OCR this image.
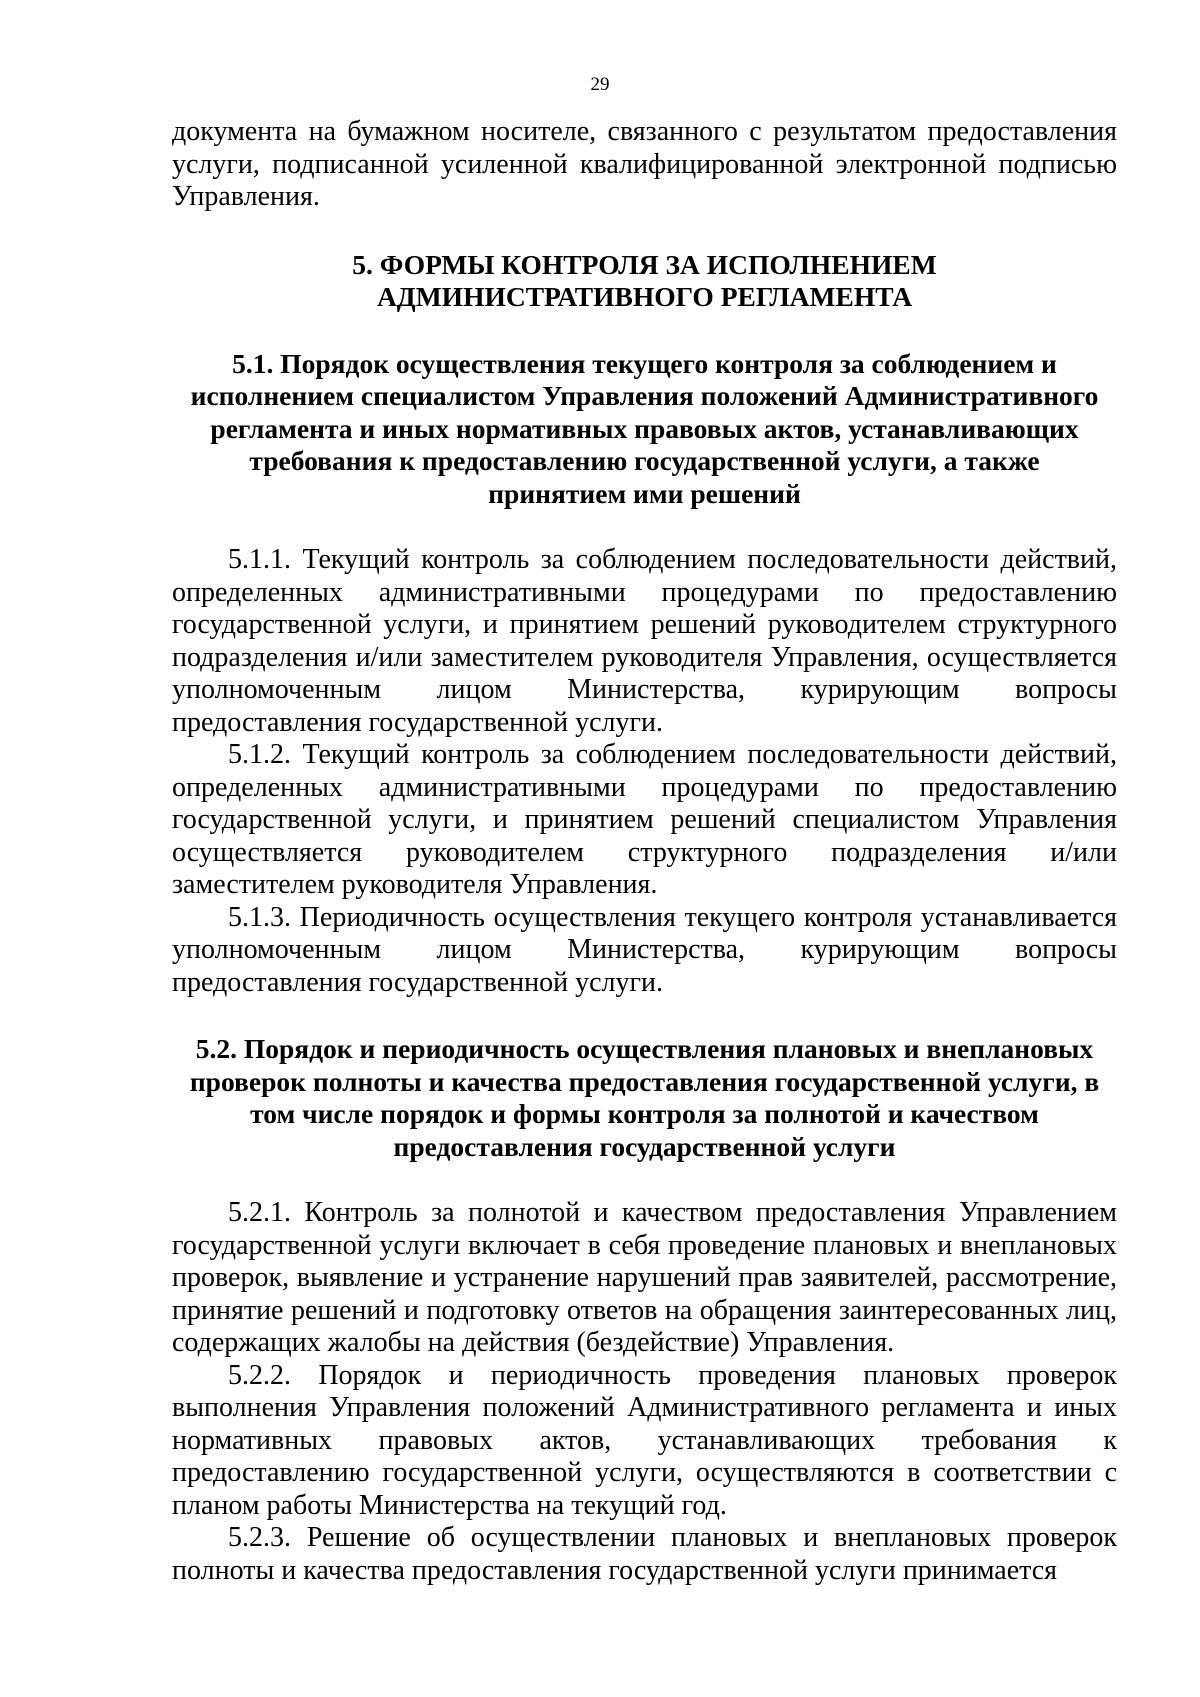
29

документа на бумажном носителе, связанного с результатом предоставления услуги, подписанной усиленной квалифицированной электронной подписью Управления.

5. ФОРМЫ КОНТРОЛЯ ЗА ИСПОЛНЕНИЕМ

АДМИНИСТРАТИВНОГО РЕГЛАМЕНТА

5.1. Порядок осуществления текущего контроля за соблюдением и

исполнением специалистом Управления положений Административного

регламента и иных нормативных правовых актов, устанавливающих

требования к предоставлению государственной услуги, а также

принятием ими решений

5.1.1. Текущий контроль за соблюдением последовательности действий, определенных административными процедурами по предоставлению государственной услуги, и принятием решений руководителем структурного подразделения и/или заместителем руководителя Управления, осуществляется уполномоченным лицом Министерства, курирующим вопросы предоставления государственной услуги.

5.1.2. Текущий контроль за соблюдением последовательности действий, определенных административными процедурами по предоставлению государственной услуги, и принятием решений специалистом Управления осуществляется руководителем структурного подразделения и/или заместителем руководителя Управления.

5.1.3. Периодичность осуществления текущего контроля устанавливается уполномоченным лицом Министерства, курирующим вопросы предоставления государственной услуги.

5.2. Порядок и периодичность осуществления плановых и внеплановых

проверок полноты и качества предоставления государственной услуги, в

том числе порядок и формы контроля за полнотой и качеством

предоставления государственной услуги

5.2.1. Контроль за полнотой и качеством предоставления Управлением государственной услуги включает в себя проведение плановых и внеплановых проверок, выявление и устранение нарушений прав заявителей, рассмотрение, принятие решений и подготовку ответов на обращения заинтересованных лиц, содержащих жалобы на действия (бездействие) Управления.

5.2.2. Порядок и периодичность проведения плановых проверок выполнения Управления положений Административного регламента и иных нормативных правовых актов, устанавливающих требования к предоставлению государственной услуги, осуществляются в соответствии с планом работы Министерства на текущий год.

5.2.3. Решение об осуществлении плановых и внеплановых проверок полноты и качества предоставления государственной услуги принимается
